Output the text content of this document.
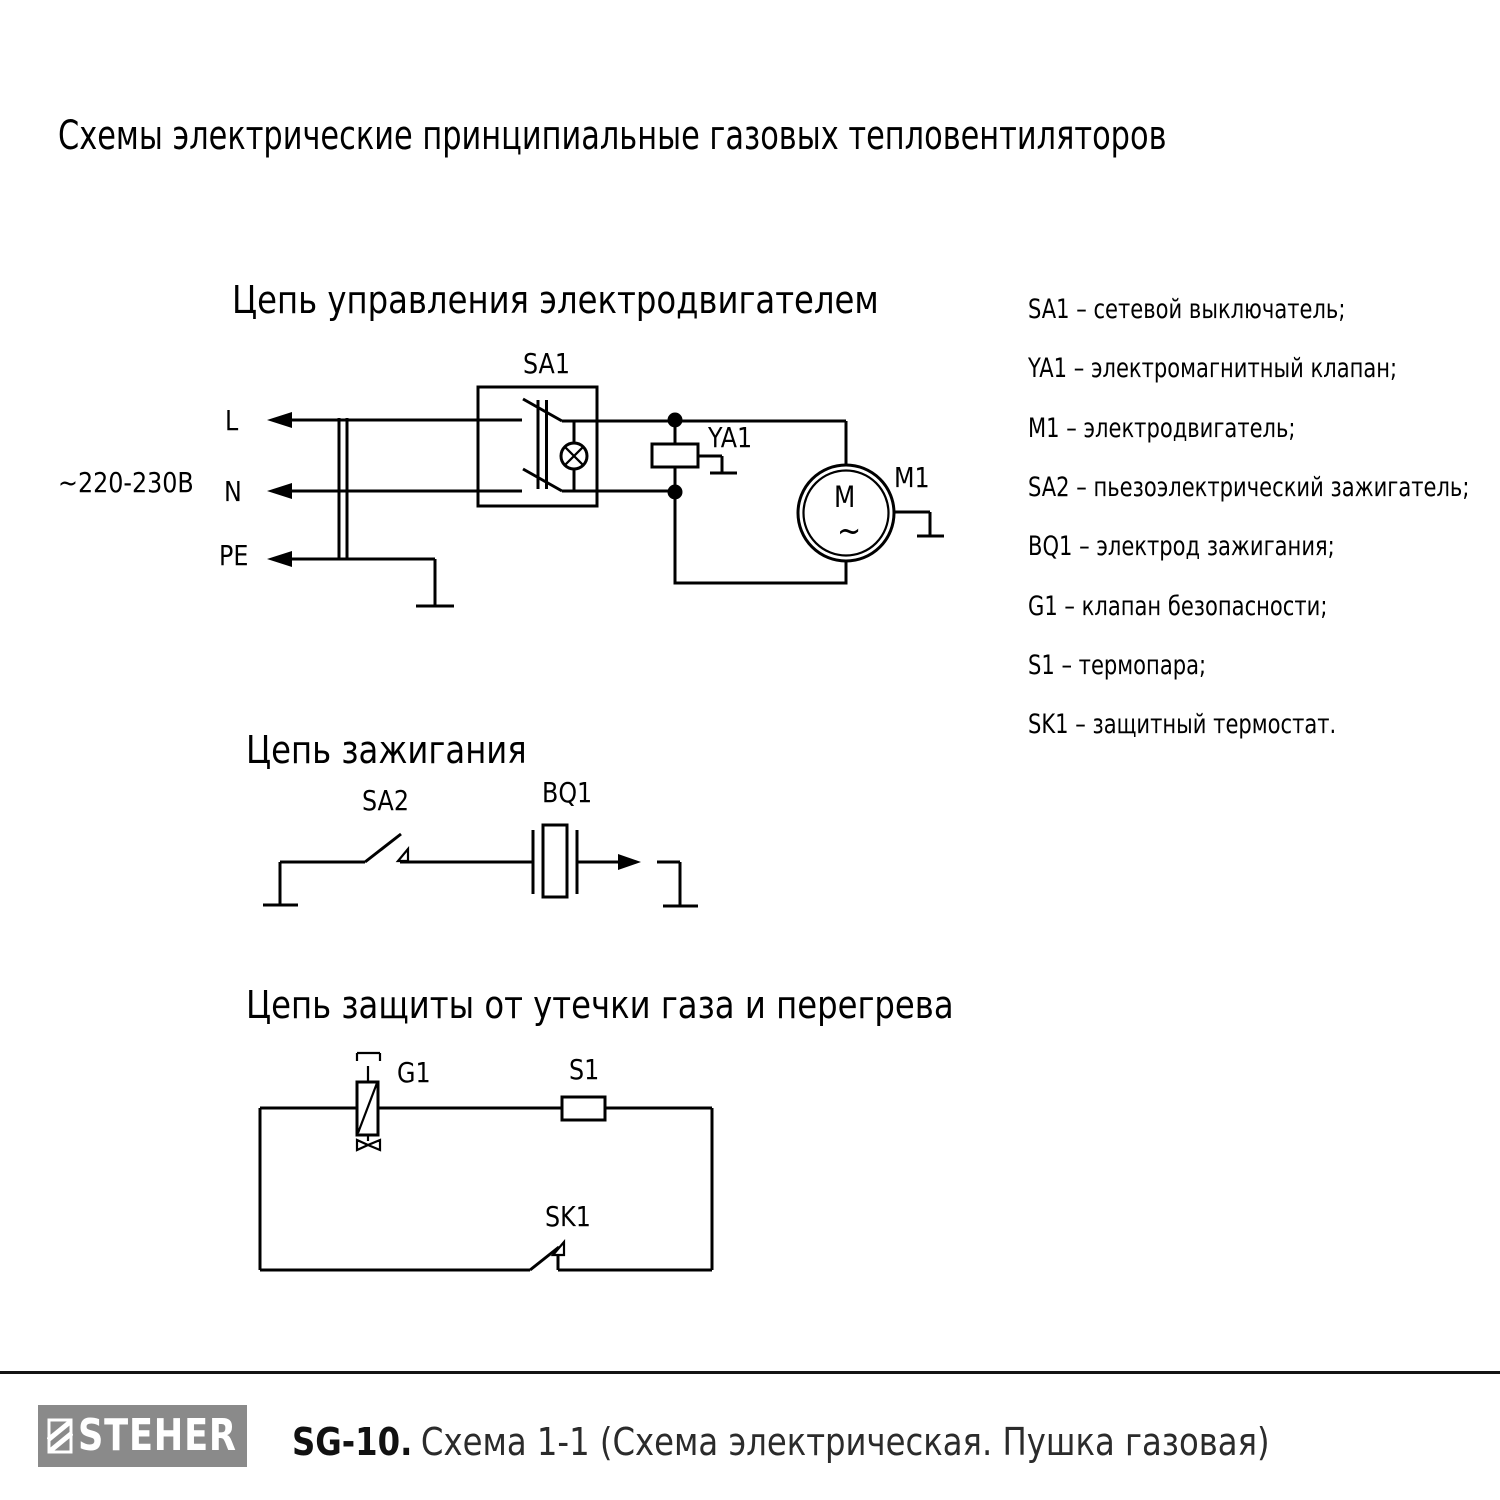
Схемы электрические принципиальные газовых тепловентиляторов
Цепь управления электродвигателем
Цепь зажигания
Цепь защиты от утечки газа и перегрева
~220-230В
L
N
PE
SA1
YA1
M1
M
~
SA2	BQ1
G1	S1
SK1
SA1 – сетевой выключатель;
YA1 – электромагнитный клапан;
M1 – электродвигатель;
SA2 – пьезоэлектрический зажигатель;
BQ1 – электрод зажигания;
G1 – клапан безопасности;
S1 – термопара;
SK1 – защитный термостат.
STEHER SG-10. Схема 1-1 (Схема электрическая. Пушка газовая)
